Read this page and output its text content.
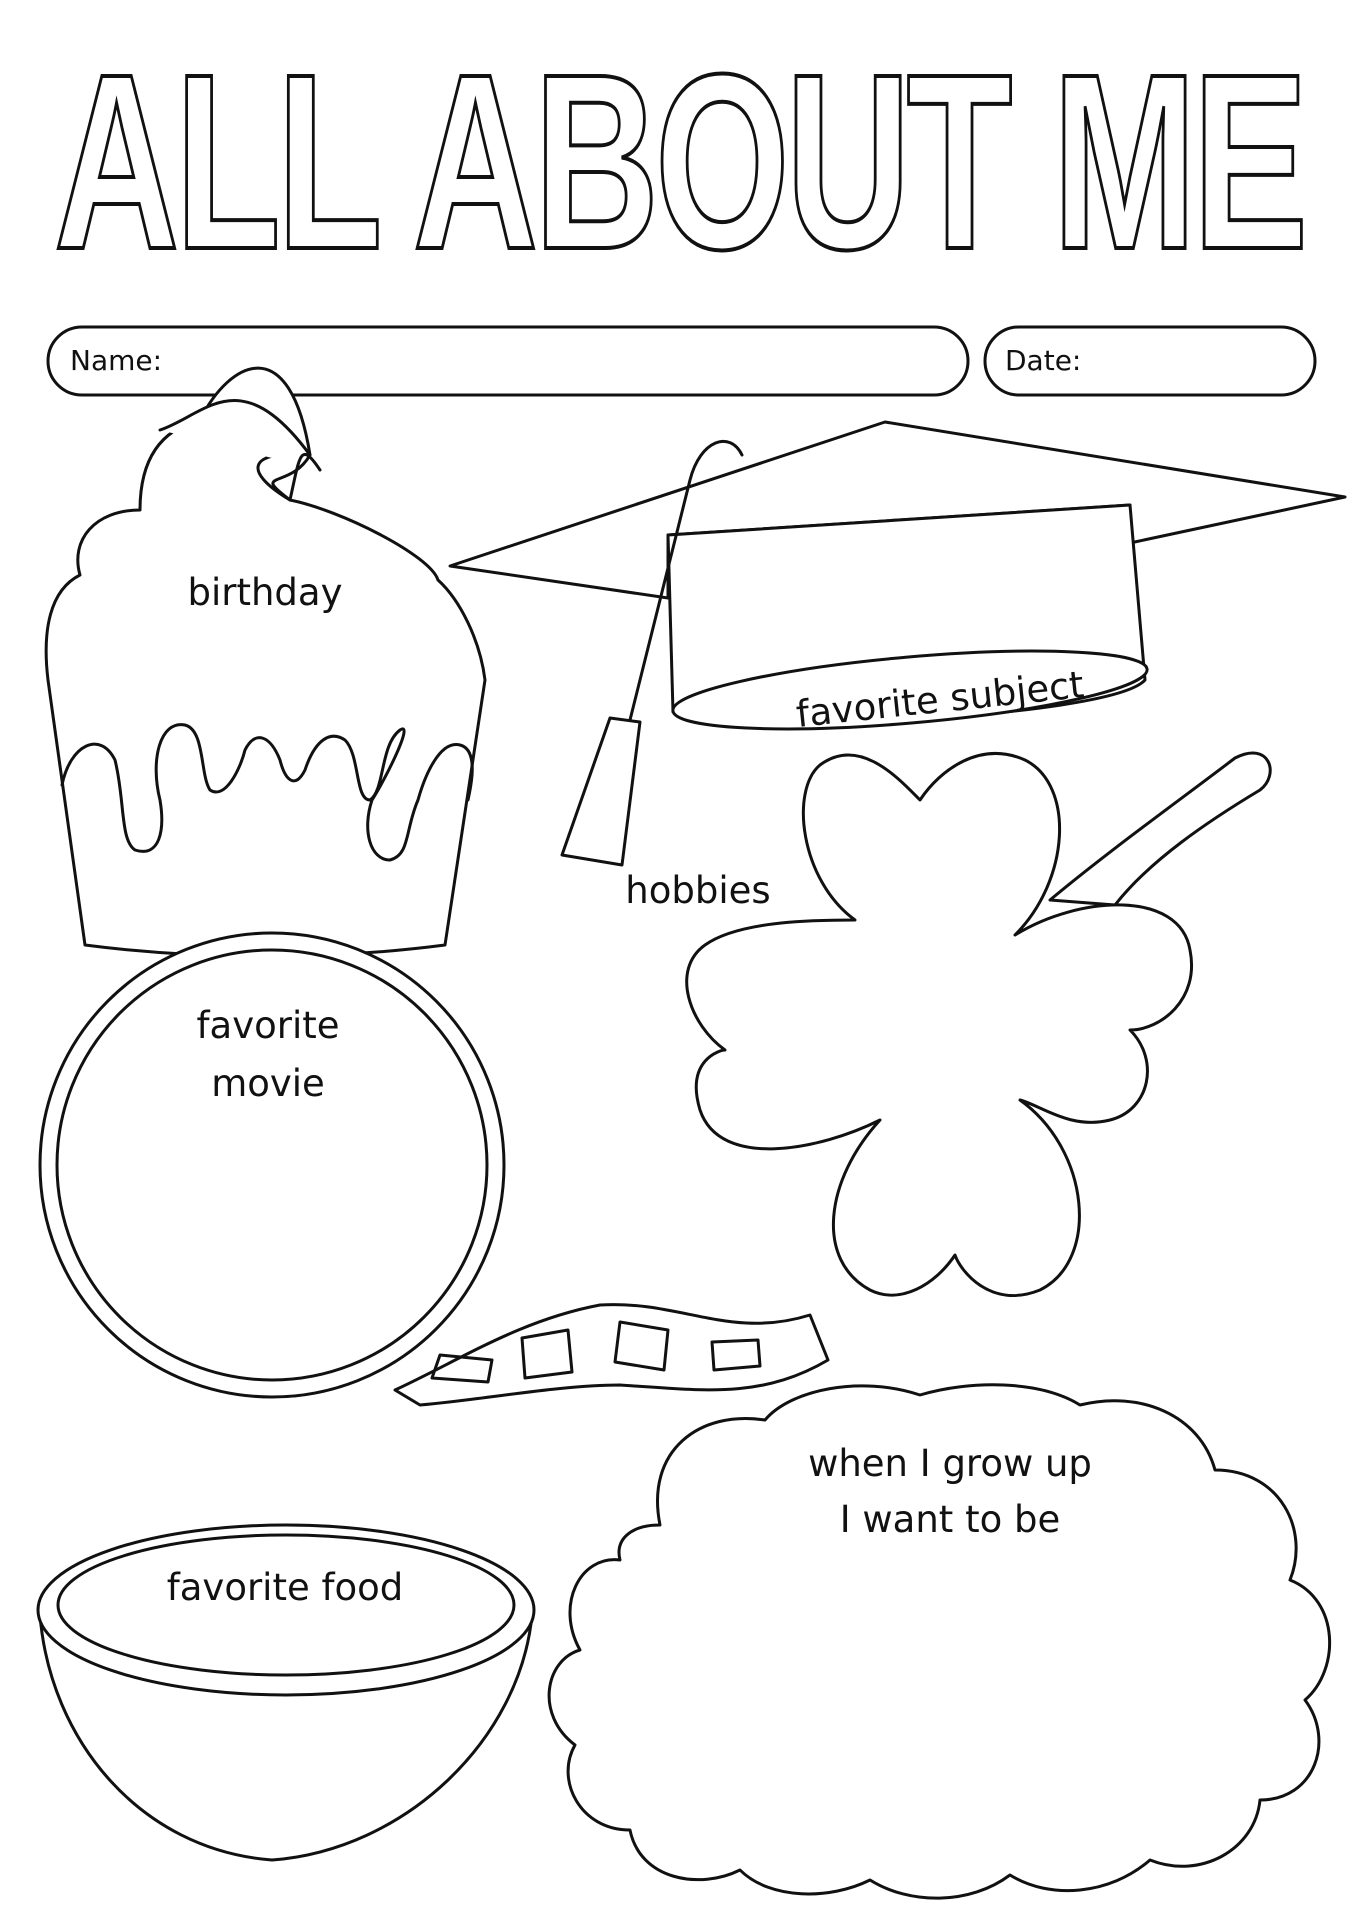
ALL ABOUT ME
Name:	Date:
birthday
favorite subject
hobbies
favorite
movie
when I grow up
I want to be
favorite food
